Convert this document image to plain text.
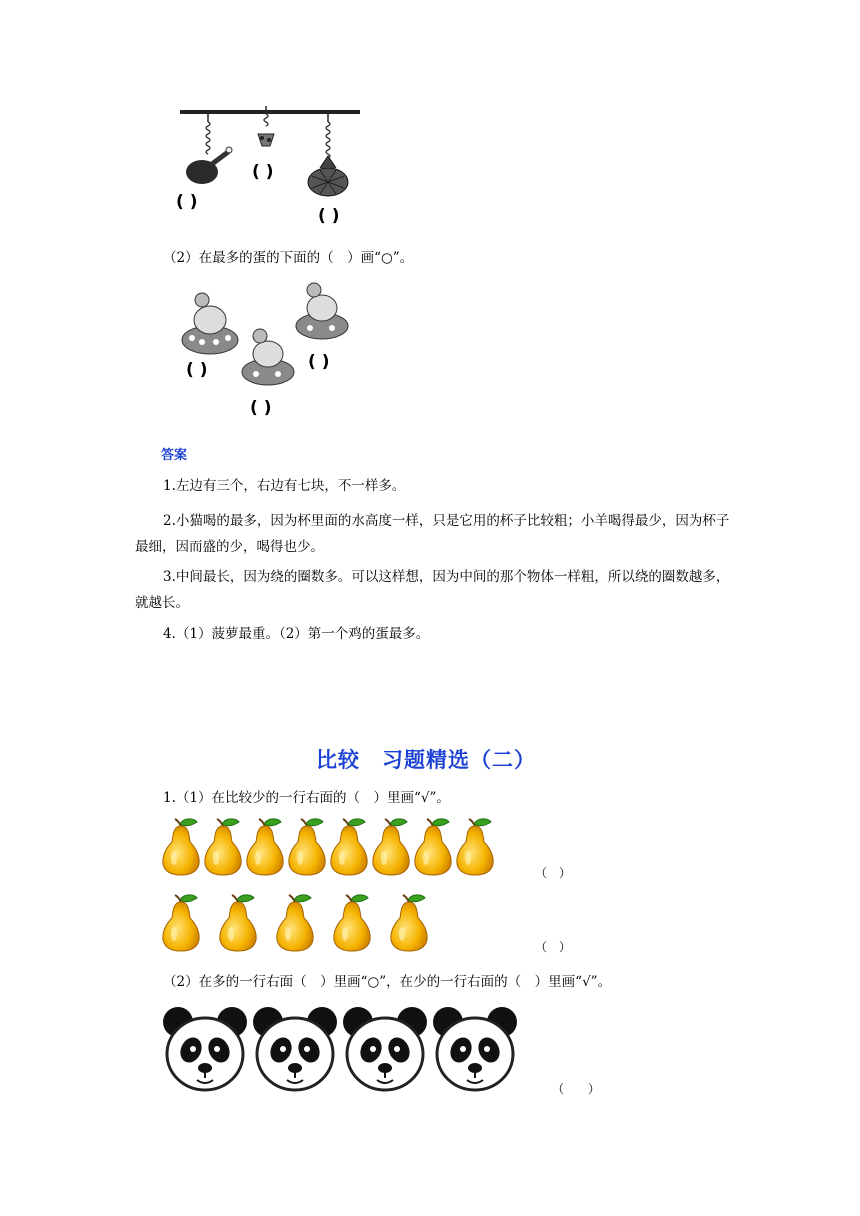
( )
( )
( )
（2）在最多的蛋的下面的（　）画“○”。
( )	( )
( )
答案
1.左边有三个，右边有七块，不一样多。
2.小猫喝的最多，因为杯里面的水高度一样，只是它用的杯子比较粗；小羊喝得最少，因为杯子最细，因而盛的少，喝得也少。
3.中间最长，因为绕的圈数多。可以这样想，因为中间的那个物体一样粗，所以绕的圈数越多，就越长。
4.（1）菠萝最重。（2）第一个鸡的蛋最多。
比较　习题精选（二）
1.（1）在比较少的一行右面的（　）里画“√”。
（　）
（　）
（2）在多的一行右面（　）里画“○”，在少的一行右面的（　）里画“√”。
（　　）
